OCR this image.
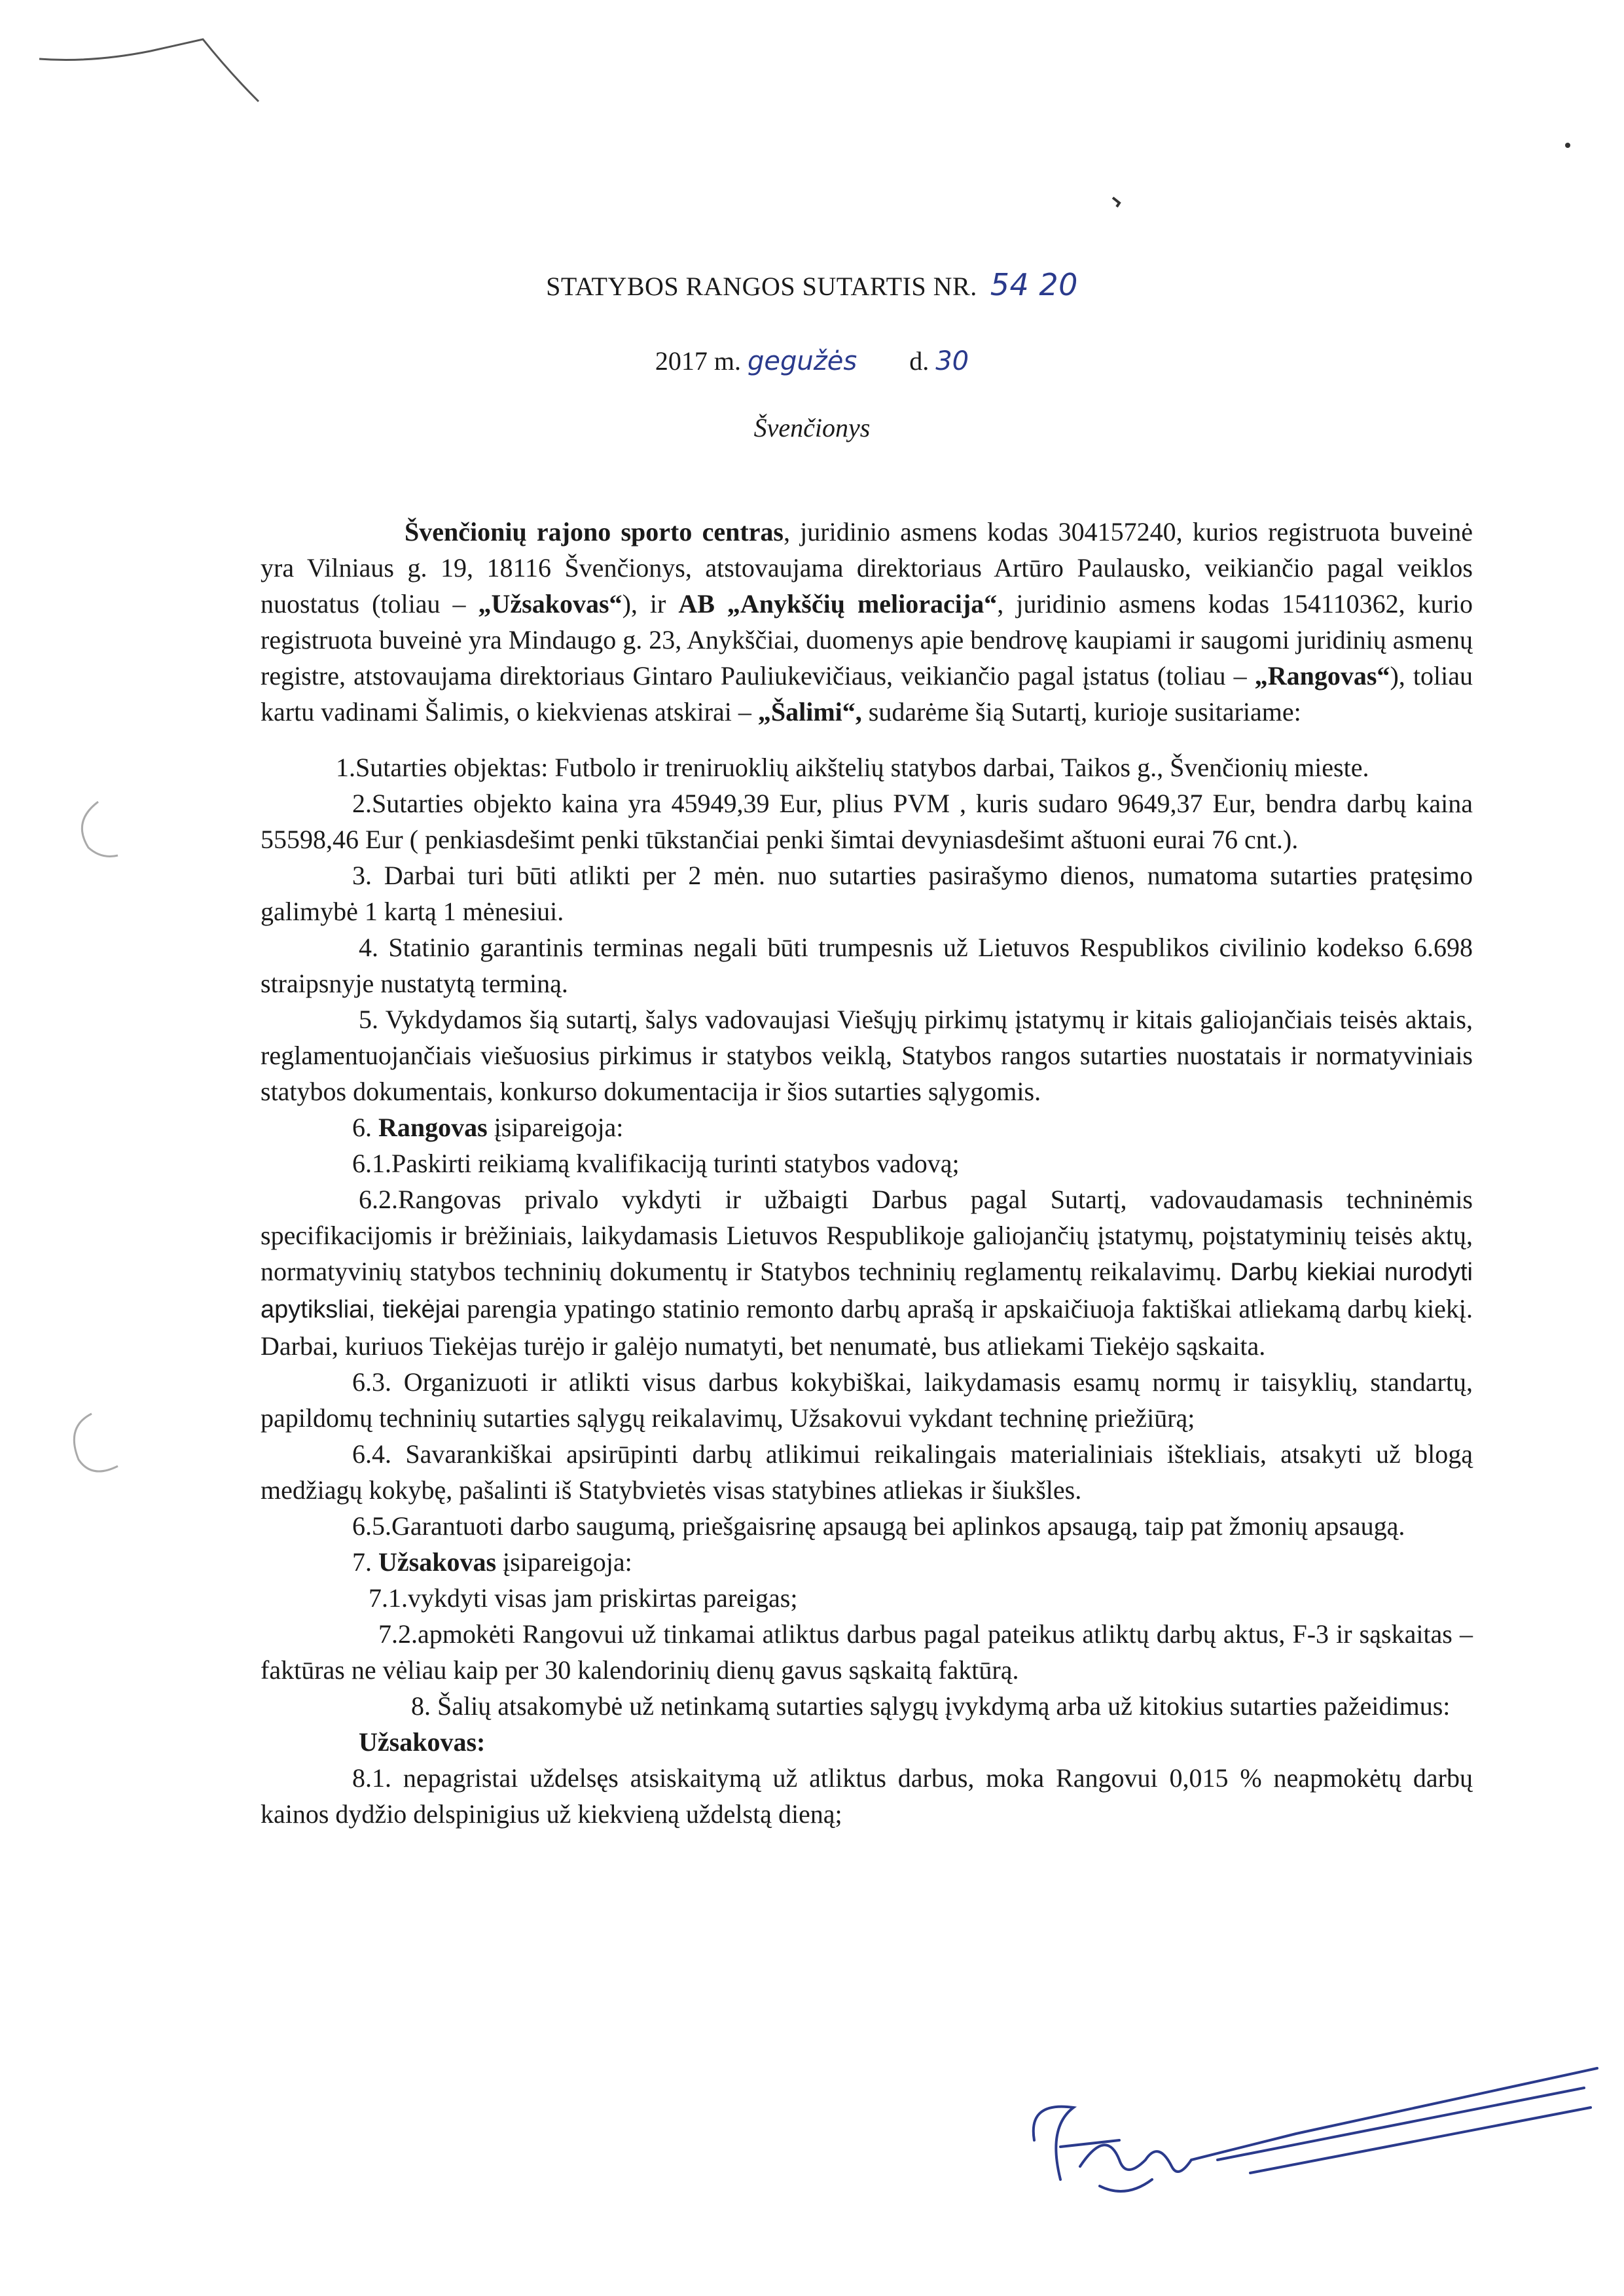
STATYBOS RANGOS SUTARTIS NR. 54 20
2017 m. gegužės d. 30
Švenčionys

Švenčionių rajono sporto centras, juridinio asmens kodas 304157240, kurios registruota buveinė yra Vilniaus g. 19, 18116 Švenčionys, atstovaujama direktoriaus Artūro Paulausko, veikiančio pagal veiklos nuostatus (toliau – „Užsakovas“), ir AB „Anykščių melioracija“, juridinio asmens kodas 154110362, kurio registruota buveinė yra Mindaugo g. 23, Anykščiai, duomenys apie bendrovę kaupiami ir saugomi juridinių asmenų registre, atstovaujama direktoriaus Gintaro Pauliukevičiaus, veikiančio pagal įstatus (toliau – „Rangovas“), toliau kartu vadinami Šalimis, o kiekvienas atskirai – „Šalimi“, sudarėme šią Sutartį, kurioje susitariame:

1.Sutarties objektas: Futbolo ir treniruoklių aikštelių statybos darbai, Taikos g., Švenčionių mieste.

2.Sutarties objekto kaina yra 45949,39 Eur, plius PVM , kuris sudaro 9649,37 Eur, bendra darbų kaina 55598,46 Eur ( penkiasdešimt penki tūkstančiai penki šimtai devyniasdešimt aštuoni eurai 76 cnt.).

3. Darbai turi būti atlikti per 2 mėn. nuo sutarties pasirašymo dienos, numatoma sutarties pratęsimo galimybė 1 kartą 1 mėnesiui.

4. Statinio garantinis terminas negali būti trumpesnis už Lietuvos Respublikos civilinio kodekso 6.698 straipsnyje nustatytą terminą.

5. Vykdydamos šią sutartį, šalys vadovaujasi Viešųjų pirkimų įstatymų ir kitais galiojančiais teisės aktais, reglamentuojančiais viešuosius pirkimus ir statybos veiklą, Statybos rangos sutarties nuostatais ir normatyviniais statybos dokumentais, konkurso dokumentacija ir šios sutarties sąlygomis.

6. Rangovas įsipareigoja:

6.1.Paskirti reikiamą kvalifikaciją turinti statybos vadovą;

6.2.Rangovas privalo vykdyti ir užbaigti Darbus pagal Sutartį, vadovaudamasis techninėmis specifikacijomis ir brėžiniais, laikydamasis Lietuvos Respublikoje galiojančių įstatymų, poįstatyminių teisės aktų, normatyvinių statybos techninių dokumentų ir Statybos techninių reglamentų reikalavimų. Darbų kiekiai nurodyti apytiksliai, tiekėjai parengia ypatingo statinio remonto darbų aprašą ir apskaičiuoja faktiškai atliekamą darbų kiekį. Darbai, kuriuos Tiekėjas turėjo ir galėjo numatyti, bet nenumatė, bus atliekami Tiekėjo sąskaita.

6.3. Organizuoti ir atlikti visus darbus kokybiškai, laikydamasis esamų normų ir taisyklių, standartų, papildomų techninių sutarties sąlygų reikalavimų, Užsakovui vykdant techninę priežiūrą;

6.4. Savarankiškai apsirūpinti darbų atlikimui reikalingais materialiniais ištekliais, atsakyti už blogą medžiagų kokybę, pašalinti iš Statybvietės visas statybines atliekas ir šiukšles.

6.5.Garantuoti darbo saugumą, priešgaisrinę apsaugą bei aplinkos apsaugą, taip pat žmonių apsaugą.

7. Užsakovas įsipareigoja:

7.1.vykdyti visas jam priskirtas pareigas;

7.2.apmokėti Rangovui už tinkamai atliktus darbus pagal pateikus atliktų darbų aktus, F-3 ir sąskaitas – faktūras ne vėliau kaip per 30 kalendorinių dienų gavus sąskaitą faktūrą.

8. Šalių atsakomybė už netinkamą sutarties sąlygų įvykdymą arba už kitokius sutarties pažeidimus:

Užsakovas:

8.1. nepagristai uždelsęs atsiskaitymą už atliktus darbus, moka Rangovui 0,015 % neapmokėtų darbų kainos dydžio delspinigius už kiekvieną uždelstą dieną;
